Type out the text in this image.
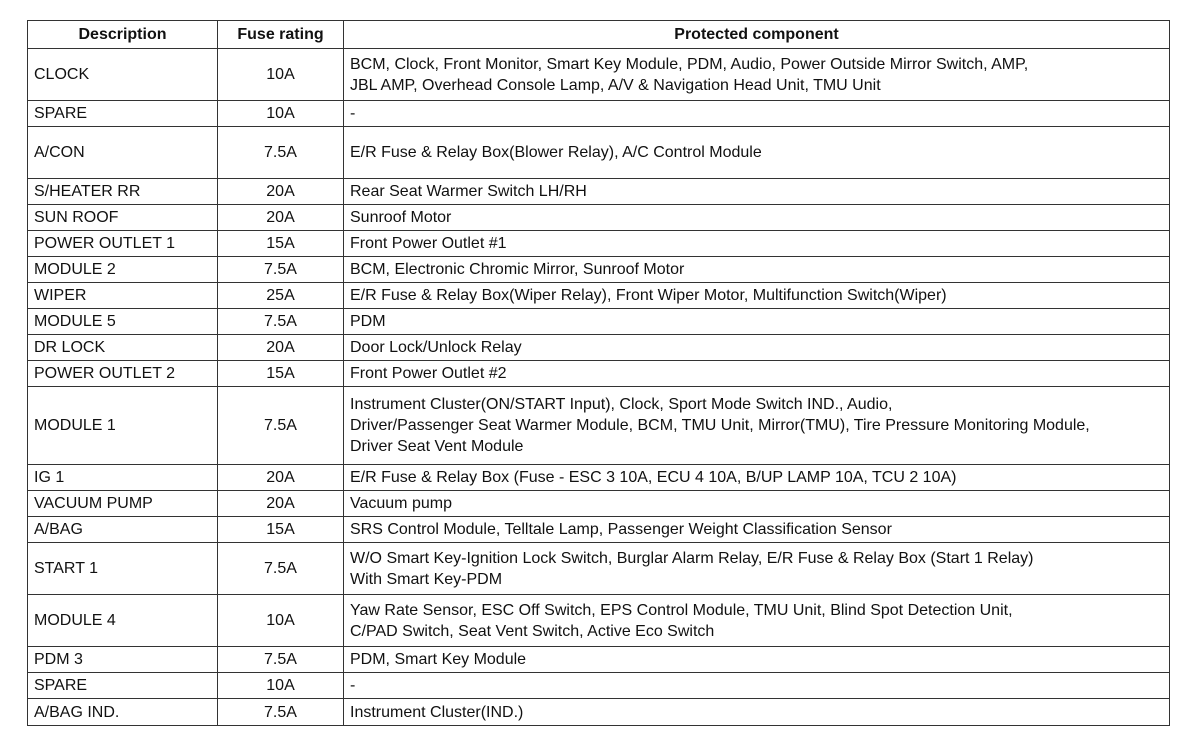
Description	Fuse rating	Protected component
CLOCK	10A	BCM, Clock, Front Monitor, Smart Key Module, PDM, Audio, Power Outside Mirror Switch, AMP,
JBL AMP, Overhead Console Lamp, A/V & Navigation Head Unit, TMU Unit
SPARE	10A	-
A/CON	7.5A	E/R Fuse & Relay Box(Blower Relay), A/C Control Module
S/HEATER RR	20A	Rear Seat Warmer Switch LH/RH
SUN ROOF	20A	Sunroof Motor
POWER OUTLET 1	15A	Front Power Outlet #1
MODULE 2	7.5A	BCM, Electronic Chromic Mirror, Sunroof Motor
WIPER	25A	E/R Fuse & Relay Box(Wiper Relay), Front Wiper Motor, Multifunction Switch(Wiper)
MODULE 5	7.5A	PDM
DR LOCK	20A	Door Lock/Unlock Relay
POWER OUTLET 2	15A	Front Power Outlet #2
MODULE 1	7.5A	Instrument Cluster(ON/START Input), Clock, Sport Mode Switch IND., Audio,
Driver/Passenger Seat Warmer Module, BCM, TMU Unit, Mirror(TMU), Tire Pressure Monitoring Module,
Driver Seat Vent Module
IG 1	20A	E/R Fuse & Relay Box (Fuse - ESC 3 10A, ECU 4 10A, B/UP LAMP 10A, TCU 2 10A)
VACUUM PUMP	20A	Vacuum pump
A/BAG	15A	SRS Control Module, Telltale Lamp, Passenger Weight Classification Sensor
START 1	7.5A	W/O Smart Key-Ignition Lock Switch, Burglar Alarm Relay, E/R Fuse & Relay Box (Start 1 Relay)
With Smart Key-PDM
MODULE 4	10A	Yaw Rate Sensor, ESC Off Switch, EPS Control Module, TMU Unit, Blind Spot Detection Unit,
C/PAD Switch, Seat Vent Switch, Active Eco Switch
PDM 3	7.5A	PDM, Smart Key Module
SPARE	10A	-
A/BAG IND.	7.5A	Instrument Cluster(IND.)
